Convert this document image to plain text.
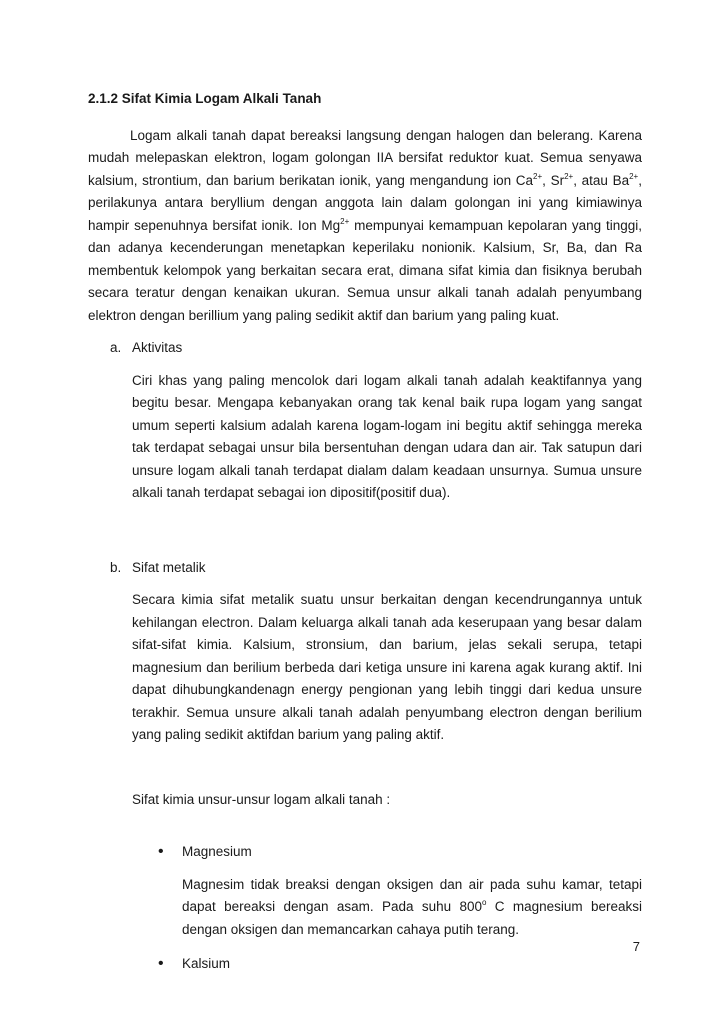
2.1.2 Sifat Kimia Logam Alkali Tanah

Logam alkali tanah dapat bereaksi langsung dengan halogen dan belerang. Karena mudah melepaskan elektron, logam golongan IIA bersifat reduktor kuat. Semua senyawa kalsium, strontium, dan barium berikatan ionik, yang mengandung ion $Ca^{2+}$, $Sr^{2+}$, atau $Ba^{2+}$, perilakunya antara beryllium dengan anggota lain dalam golongan ini yang kimiawinya hampir sepenuhnya bersifat ionik. Ion $Mg^{2+}$ mempunyai kemampuan kepolaran yang tinggi, dan adanya kecenderungan menetapkan keperilaku nonionik. Kalsium, Sr, Ba, dan Ra membentuk kelompok yang berkaitan secara erat, dimana sifat kimia dan fisiknya berubah secara teratur dengan kenaikan ukuran. Semua unsur alkali tanah adalah penyumbang elektron dengan berillium yang paling sedikit aktif dan barium yang paling kuat.

a. Aktivitas

Ciri khas yang paling mencolok dari logam alkali tanah adalah keaktifannya yang begitu besar. Mengapa kebanyakan orang tak kenal baik rupa logam yang sangat umum seperti kalsium adalah karena logam-logam ini begitu aktif sehingga mereka tak terdapat sebagai unsur bila bersentuhan dengan udara dan air. Tak satupun dari unsure logam alkali tanah terdapat dialam dalam keadaan unsurnya. Sumua unsure alkali tanah terdapat sebagai ion dipositif(positif dua).

b. Sifat metalik

Secara kimia sifat metalik suatu unsur berkaitan dengan kecendrungannya untuk kehilangan electron. Dalam keluarga alkali tanah ada keserupaan yang besar dalam sifat-sifat kimia. Kalsium, stronsium, dan barium, jelas sekali serupa, tetapi magnesium dan berilium berbeda dari ketiga unsure ini karena agak kurang aktif. Ini dapat dihubungkandenagn energy pengionan yang lebih tinggi dari kedua unsure terakhir. Semua unsure alkali tanah adalah penyumbang electron dengan berilium yang paling sedikit aktifdan barium yang paling aktif.

Sifat kimia unsur-unsur logam alkali tanah :

•	Magnesium

Magnesim tidak breaksi dengan oksigen dan air pada suhu kamar, tetapi dapat bereaksi dengan asam. Pada suhu 800$^o$ C magnesium bereaksi dengan oksigen dan memancarkan cahaya putih terang.

•	Kalsium
7
